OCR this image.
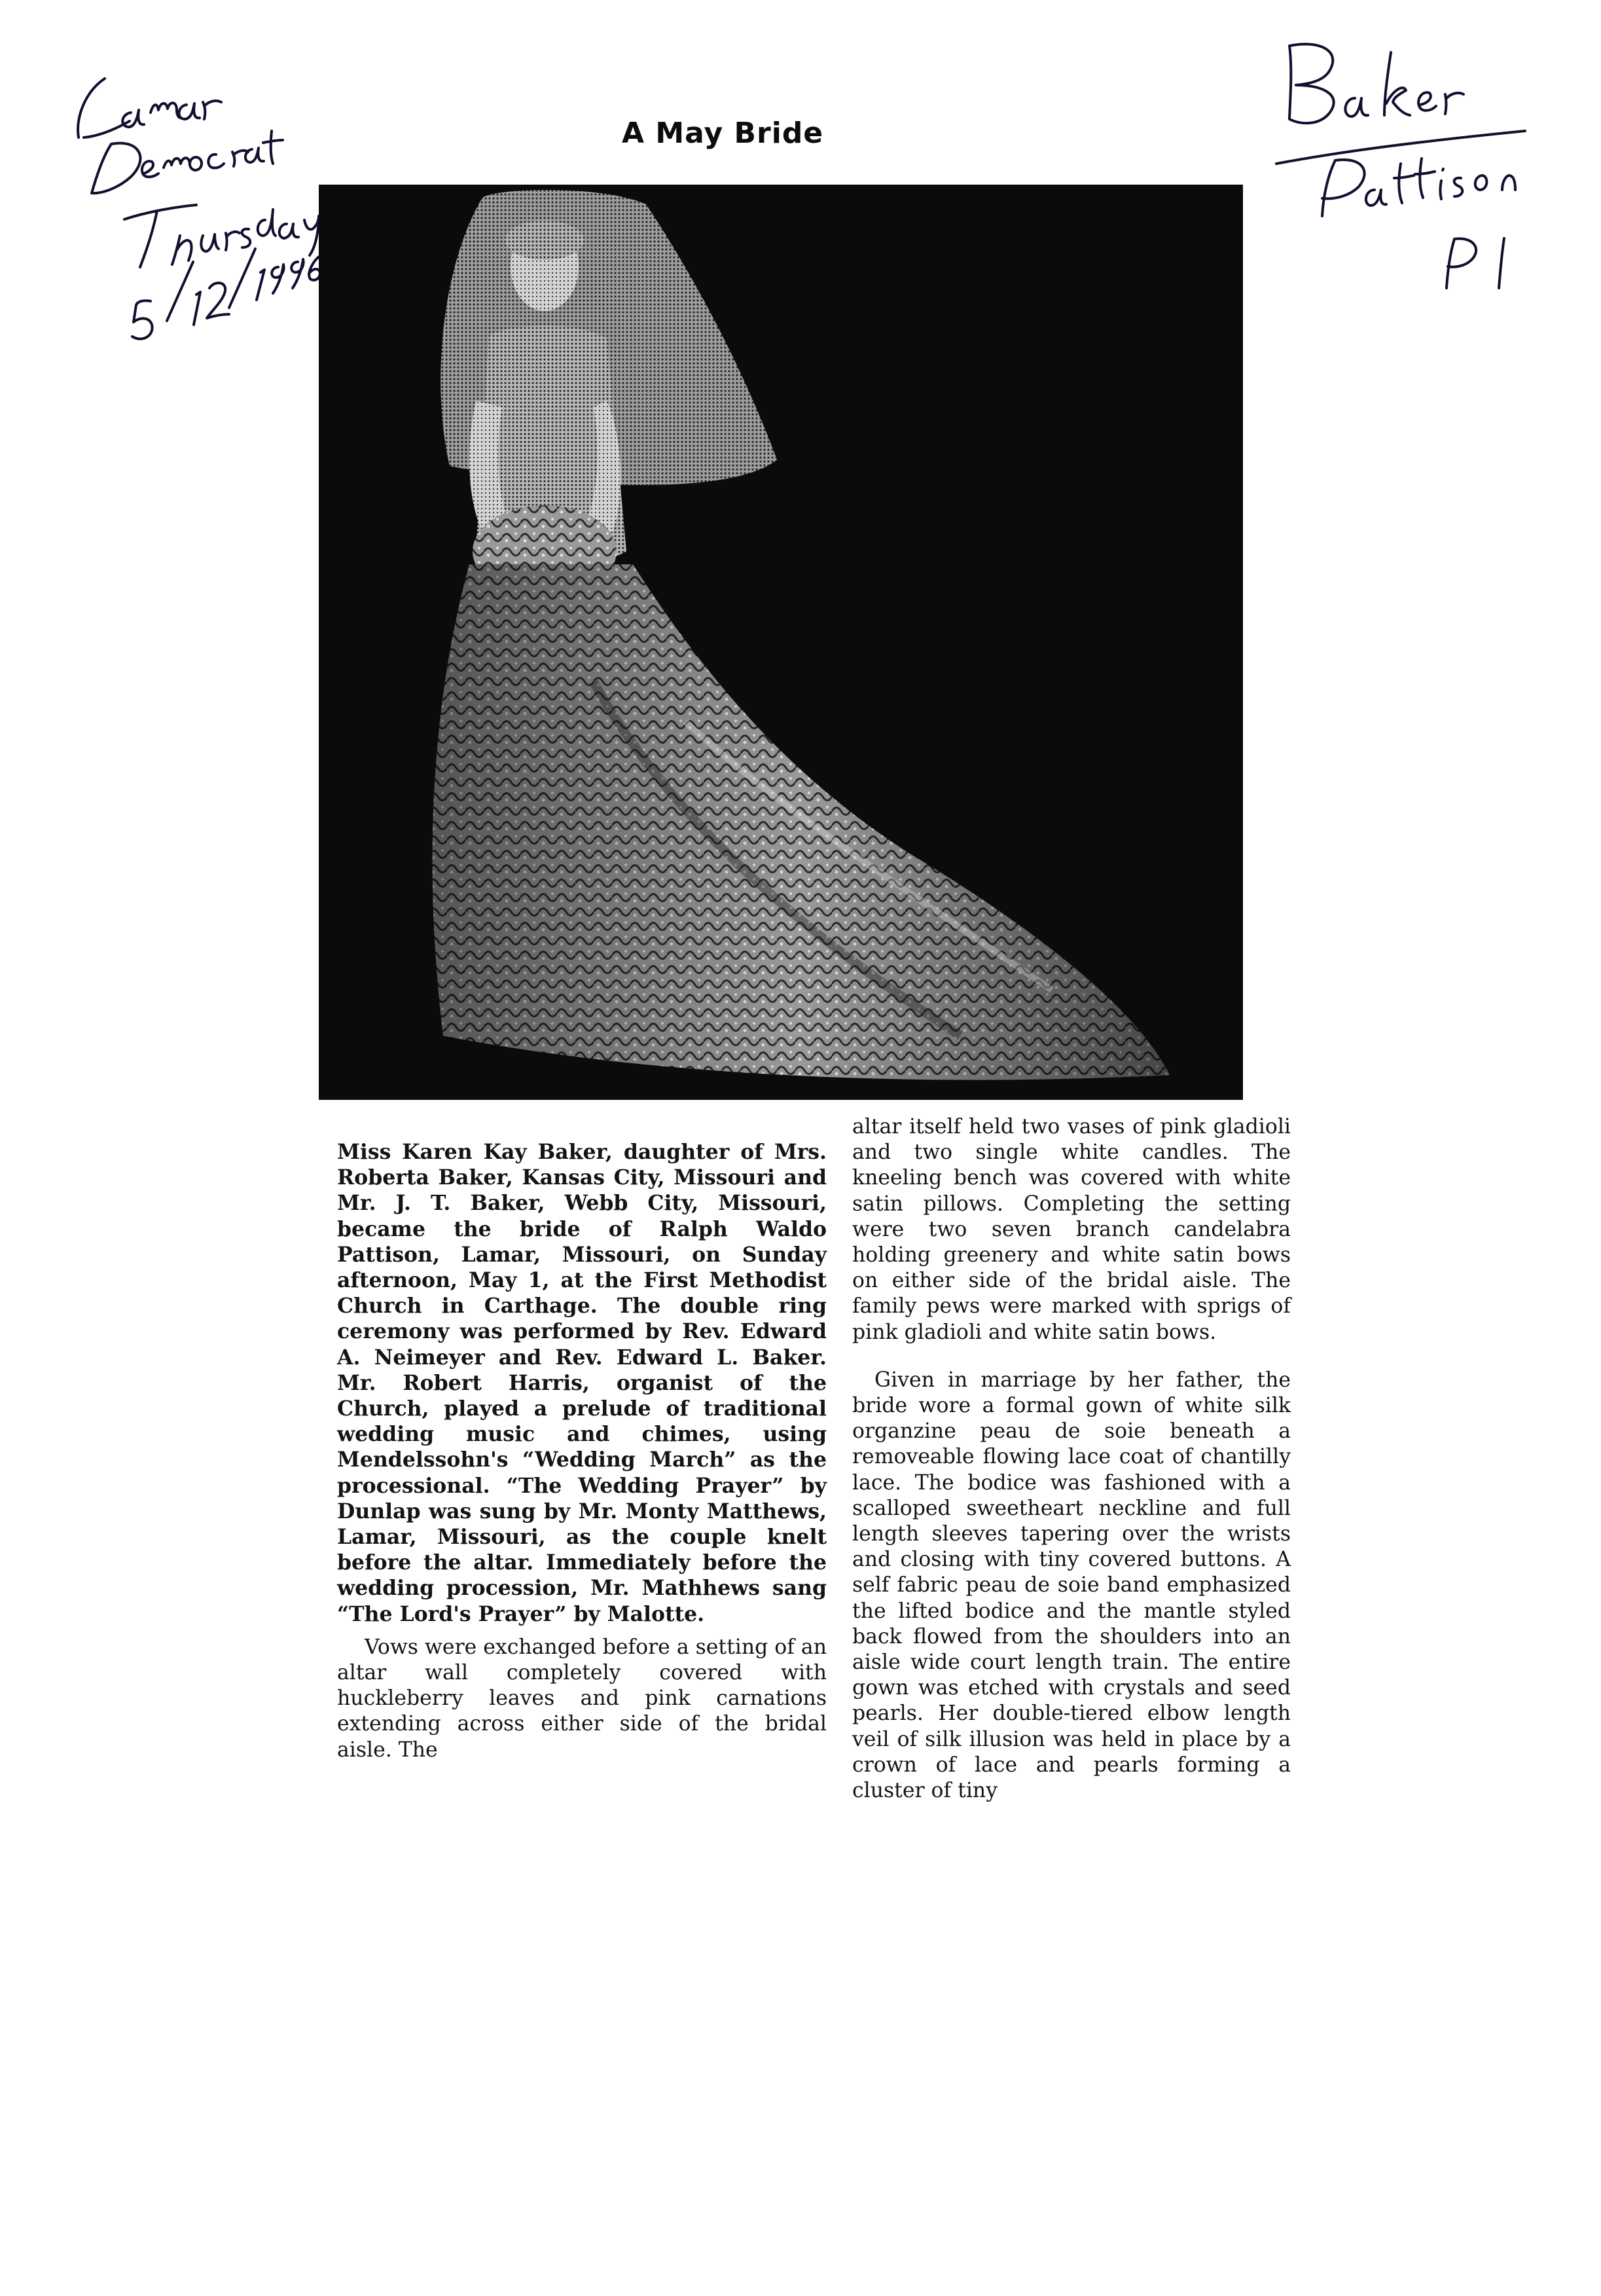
A May Bride

Miss Karen Kay Baker, daughter of Mrs. Roberta Baker, Kansas City, Missouri and Mr. J. T. Baker, Webb City, Missouri, became the bride of Ralph Waldo Pattison, Lamar, Missouri, on Sunday afternoon, May 1, at the First Methodist Church in Carthage. The double ring ceremony was performed by Rev. Edward A. Neimeyer and Rev. Edward L. Baker. Mr. Robert Harris, organist of the Church, played a prelude of traditional wedding music and chimes, using Mendelssohn's “Wedding March” as the processional. “The Wedding Prayer” by Dunlap was sung by Mr. Monty Matthews, Lamar, Missouri, as the couple knelt before the altar. Immediately before the wedding procession, Mr. Mathhews sang “The Lord's Prayer” by Malotte.

Vows were exchanged before a setting of an altar wall completely covered with huckleberry leaves and pink carnations extending across either side of the bridal aisle. The

altar itself held two vases of pink gladioli and two single white candles. The kneeling bench was covered with white satin pillows. Completing the setting were two seven branch candelabra holding greenery and white satin bows on either side of the bridal aisle. The family pews were marked with sprigs of pink gladioli and white satin bows.

Given in marriage by her father, the bride wore a formal gown of white silk organzine peau de soie beneath a removeable flowing lace coat of chantilly lace. The bodice was fashioned with a scalloped sweetheart neckline and full length sleeves tapering over the wrists and closing with tiny covered buttons. A self fabric peau de soie band emphasized the lifted bodice and the mantle styled back flowed from the shoulders into an aisle wide court length train. The entire gown was etched with crystals and seed pearls. Her double-tiered elbow length veil of silk illusion was held in place by a crown of lace and pearls forming a cluster of tiny
